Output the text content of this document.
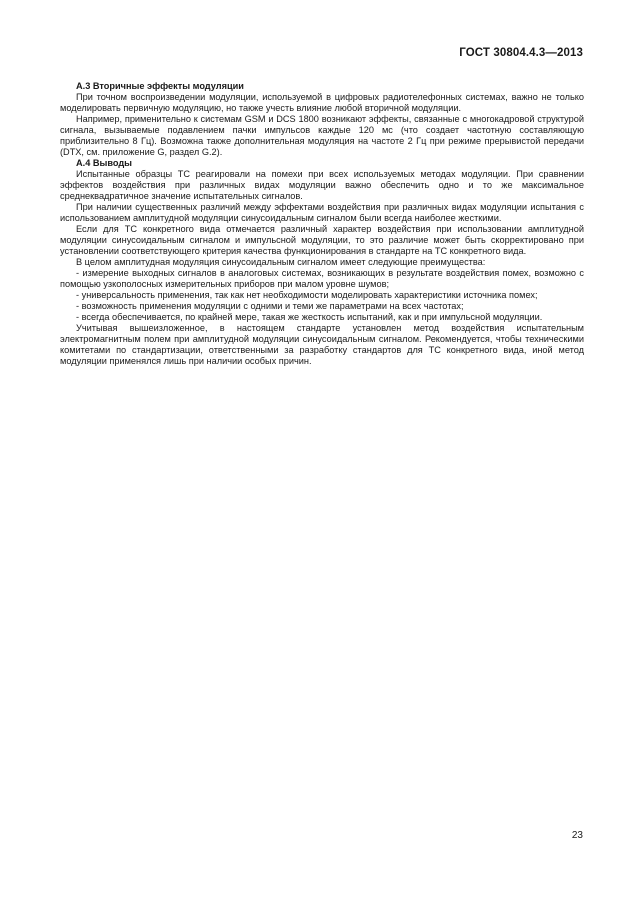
ГОСТ 30804.4.3—2013
А.3 Вторичные эффекты модуляции

При точном воспроизведении модуляции, используемой в цифровых радиотелефонных системах, важно не только моделировать первичную модуляцию, но также учесть влияние любой вторичной модуляции.

Например, применительно к системам GSM и DCS 1800 возникают эффекты, связанные с многокадровой структурой сигнала, вызываемые подавлением пачки импульсов каждые 120 мс (что создает частотную составляющую приблизительно 8 Гц). Возможна также дополнительная модуляция на частоте 2 Гц при режиме прерывистой передачи (DTX, см. приложение G, раздел G.2).

А.4 Выводы

Испытанные образцы ТС реагировали на помехи при всех используемых методах модуляции. При сравнении эффектов воздействия при различных видах модуляции важно обеспечить одно и то же максимальное среднеквадратичное значение испытательных сигналов.

При наличии существенных различий между эффектами воздействия при различных видах модуляции испытания с использованием амплитудной модуляции синусоидальным сигналом были всегда наиболее жесткими.

Если для ТС конкретного вида отмечается различный характер воздействия при использовании амплитудной модуляции синусоидальным сигналом и импульсной модуляции, то это различие может быть скорректировано при установлении соответствующего критерия качества функционирования в стандарте на ТС конкретного вида.

В целом амплитудная модуляция синусоидальным сигналом имеет следующие преимущества:

- измерение выходных сигналов в аналоговых системах, возникающих в результате воздействия помех, возможно с помощью узкополосных измерительных приборов при малом уровне шумов;

- универсальность применения, так как нет необходимости моделировать характеристики источника помех;

- возможность применения модуляции с одними и теми же параметрами на всех частотах;

- всегда обеспечивается, по крайней мере, такая же жесткость испытаний, как и при импульсной модуляции.

Учитывая вышеизложенное, в настоящем стандарте установлен метод воздействия испытательным электромагнитным полем при амплитудной модуляции синусоидальным сигналом. Рекомендуется, чтобы техническими комитетами по стандартизации, ответственными за разработку стандартов для ТС конкретного вида, иной метод модуляции применялся лишь при наличии особых причин.

23
